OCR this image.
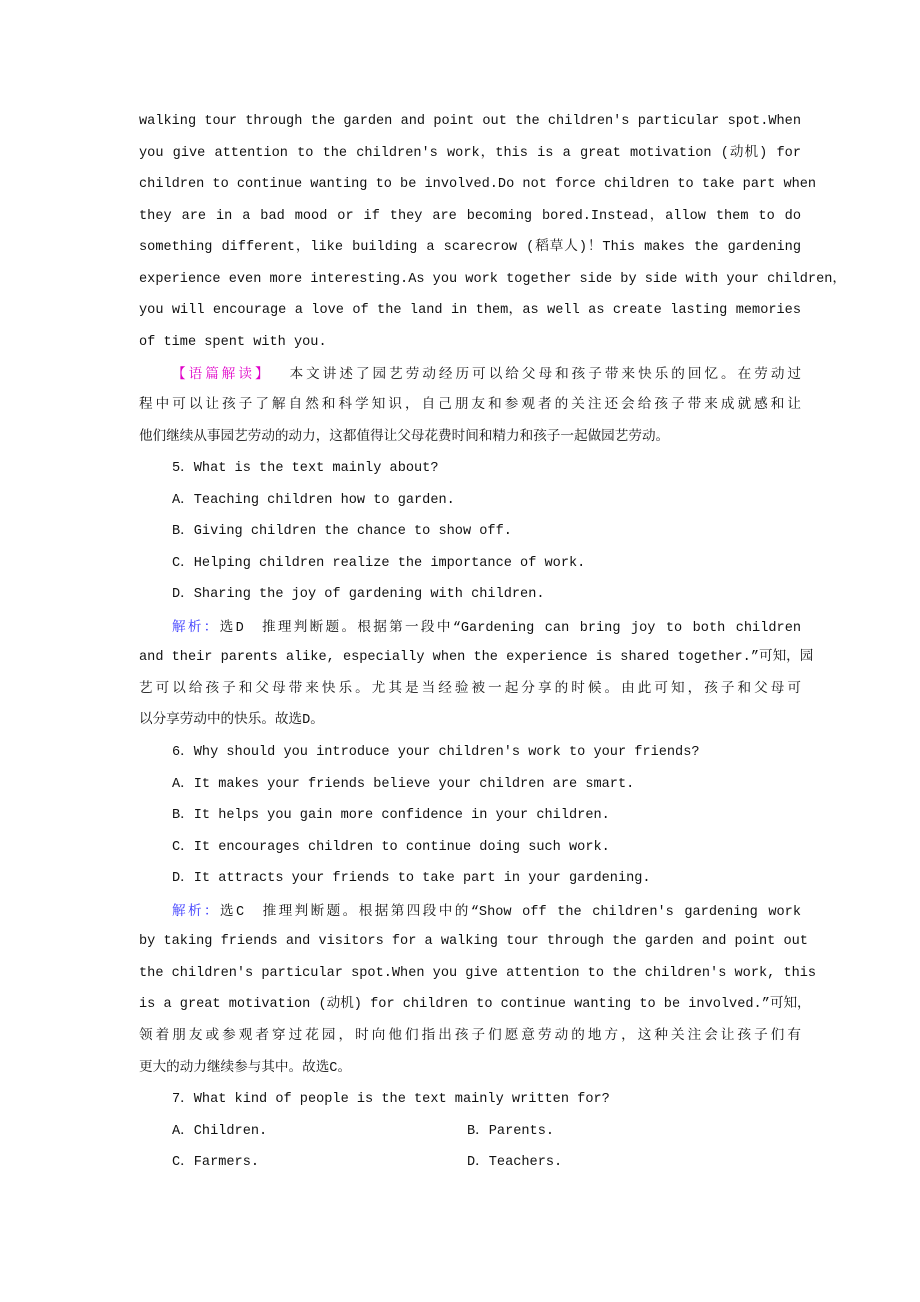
walking tour through the garden and point out the children's particular spot.When
you give attention to the children's work，this is a great motivation (动机) for
children to continue wanting to be involved.Do not force children to take part when
they are in a bad mood or if they are becoming bored.Instead，allow them to do
something different，like building a scarecrow (稻草人)！This makes the gardening
experience even more interesting.As you work together side by side with your children，
you will encourage a love of the land in them，as well as create lasting memories
of time spent with you.
【语篇解读】 本文讲述了园艺劳动经历可以给父母和孩子带来快乐的回忆。在劳动过
程中可以让孩子了解自然和科学知识，自己朋友和参观者的关注还会给孩子带来成就感和让
他们继续从事园艺劳动的动力，这都值得让父母花费时间和精力和孩子一起做园艺劳动。
5．What is the text mainly about?
A．Teaching children how to garden.
B．Giving children the chance to show off.
C．Helping children realize the importance of work.
D．Sharing the joy of gardening with children.
解析：选D　推理判断题。根据第一段中“Gardening can bring joy to both children
and their parents alike, especially when the experience is shared together.”可知，园
艺可以给孩子和父母带来快乐。尤其是当经验被一起分享的时候。由此可知，孩子和父母可
以分享劳动中的快乐。故选D。
6．Why should you introduce your children's work to your friends?
A．It makes your friends believe your children are smart.
B．It helps you gain more confidence in your children.
C．It encourages children to continue doing such work.
D．It attracts your friends to take part in your gardening.
解析：选C　推理判断题。根据第四段中的“Show off the children's gardening work
by taking friends and visitors for a walking tour through the garden and point out
the children's particular spot.When you give attention to the children's work, this
is a great motivation (动机) for children to continue wanting to be involved.”可知，
领着朋友或参观者穿过花园，时向他们指出孩子们愿意劳动的地方，这种关注会让孩子们有
更大的动力继续参与其中。故选C。
7．What kind of people is the text mainly written for?
A．Children.	B．Parents.
C．Farmers.	D．Teachers.
